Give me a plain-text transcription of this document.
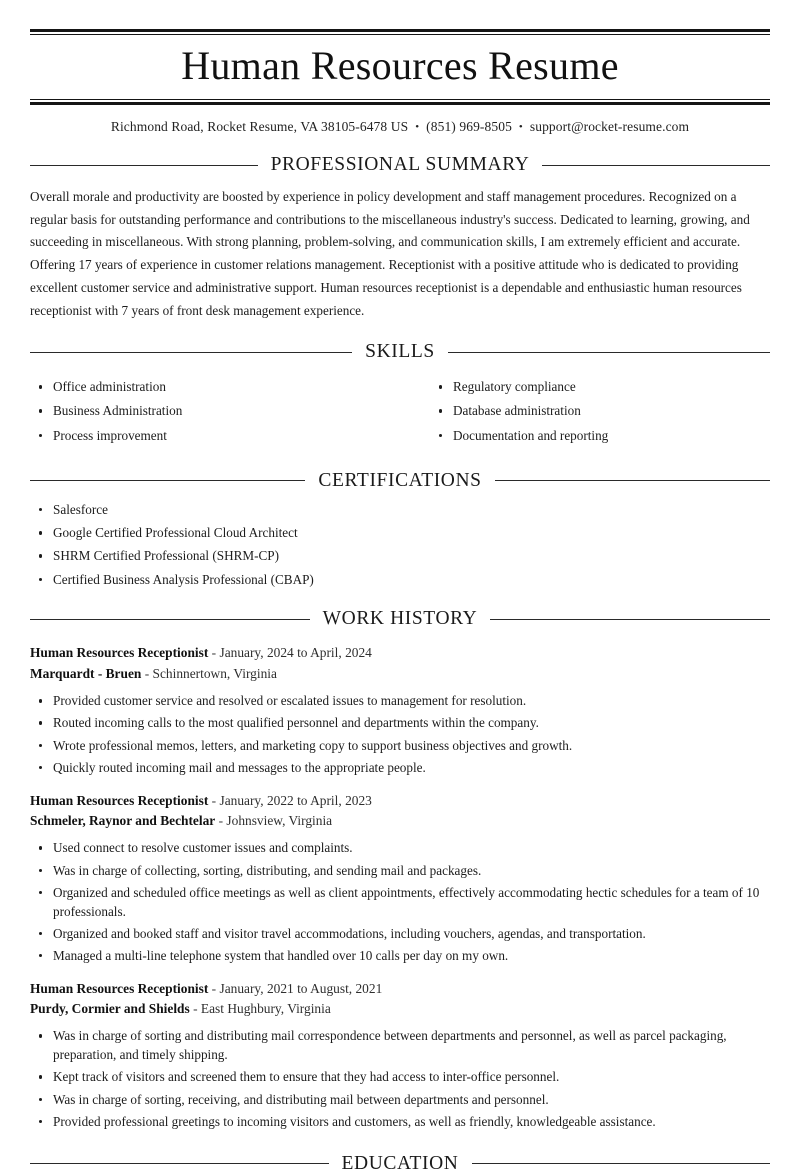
Human Resources Resume
Richmond Road, Rocket Resume, VA 38105-6478 US • (851) 969-8505 • support@rocket-resume.com
PROFESSIONAL SUMMARY

Overall morale and productivity are boosted by experience in policy development and staff management procedures. Recognized on a regular basis for outstanding performance and contributions to the miscellaneous industry's success. Dedicated to learning, growing, and succeeding in miscellaneous. With strong planning, problem-solving, and communication skills, I am extremely efficient and accurate. Offering 17 years of experience in customer relations management. Receptionist with a positive attitude who is dedicated to providing excellent customer service and administrative support. Human resources receptionist is a dependable and enthusiastic human resources receptionist with 7 years of front desk management experience.

SKILLS
Office administration
Business Administration
Process improvement
Regulatory compliance
Database administration
Documentation and reporting
CERTIFICATIONS
Salesforce
Google Certified Professional Cloud Architect
SHRM Certified Professional (SHRM-CP)
Certified Business Analysis Professional (CBAP)
WORK HISTORY
Human Resources Receptionist - January, 2024 to April, 2024
Marquardt - Bruen - Schinnertown, Virginia
Provided customer service and resolved or escalated issues to management for resolution.
Routed incoming calls to the most qualified personnel and departments within the company.
Wrote professional memos, letters, and marketing copy to support business objectives and growth.
Quickly routed incoming mail and messages to the appropriate people.
Human Resources Receptionist - January, 2022 to April, 2023
Schmeler, Raynor and Bechtelar - Johnsview, Virginia
Used connect to resolve customer issues and complaints.
Was in charge of collecting, sorting, distributing, and sending mail and packages.
Organized and scheduled office meetings as well as client appointments, effectively accommodating hectic schedules for a team of 10 professionals.
Organized and booked staff and visitor travel accommodations, including vouchers, agendas, and transportation.
Managed a multi-line telephone system that handled over 10 calls per day on my own.
Human Resources Receptionist - January, 2021 to August, 2021
Purdy, Cormier and Shields - East Hughbury, Virginia
Was in charge of sorting and distributing mail correspondence between departments and personnel, as well as parcel packaging, preparation, and timely shipping.
Kept track of visitors and screened them to ensure that they had access to inter-office personnel.
Was in charge of sorting, receiving, and distributing mail between departments and personnel.
Provided professional greetings to incoming visitors and customers, as well as friendly, knowledgeable assistance.
EDUCATION
